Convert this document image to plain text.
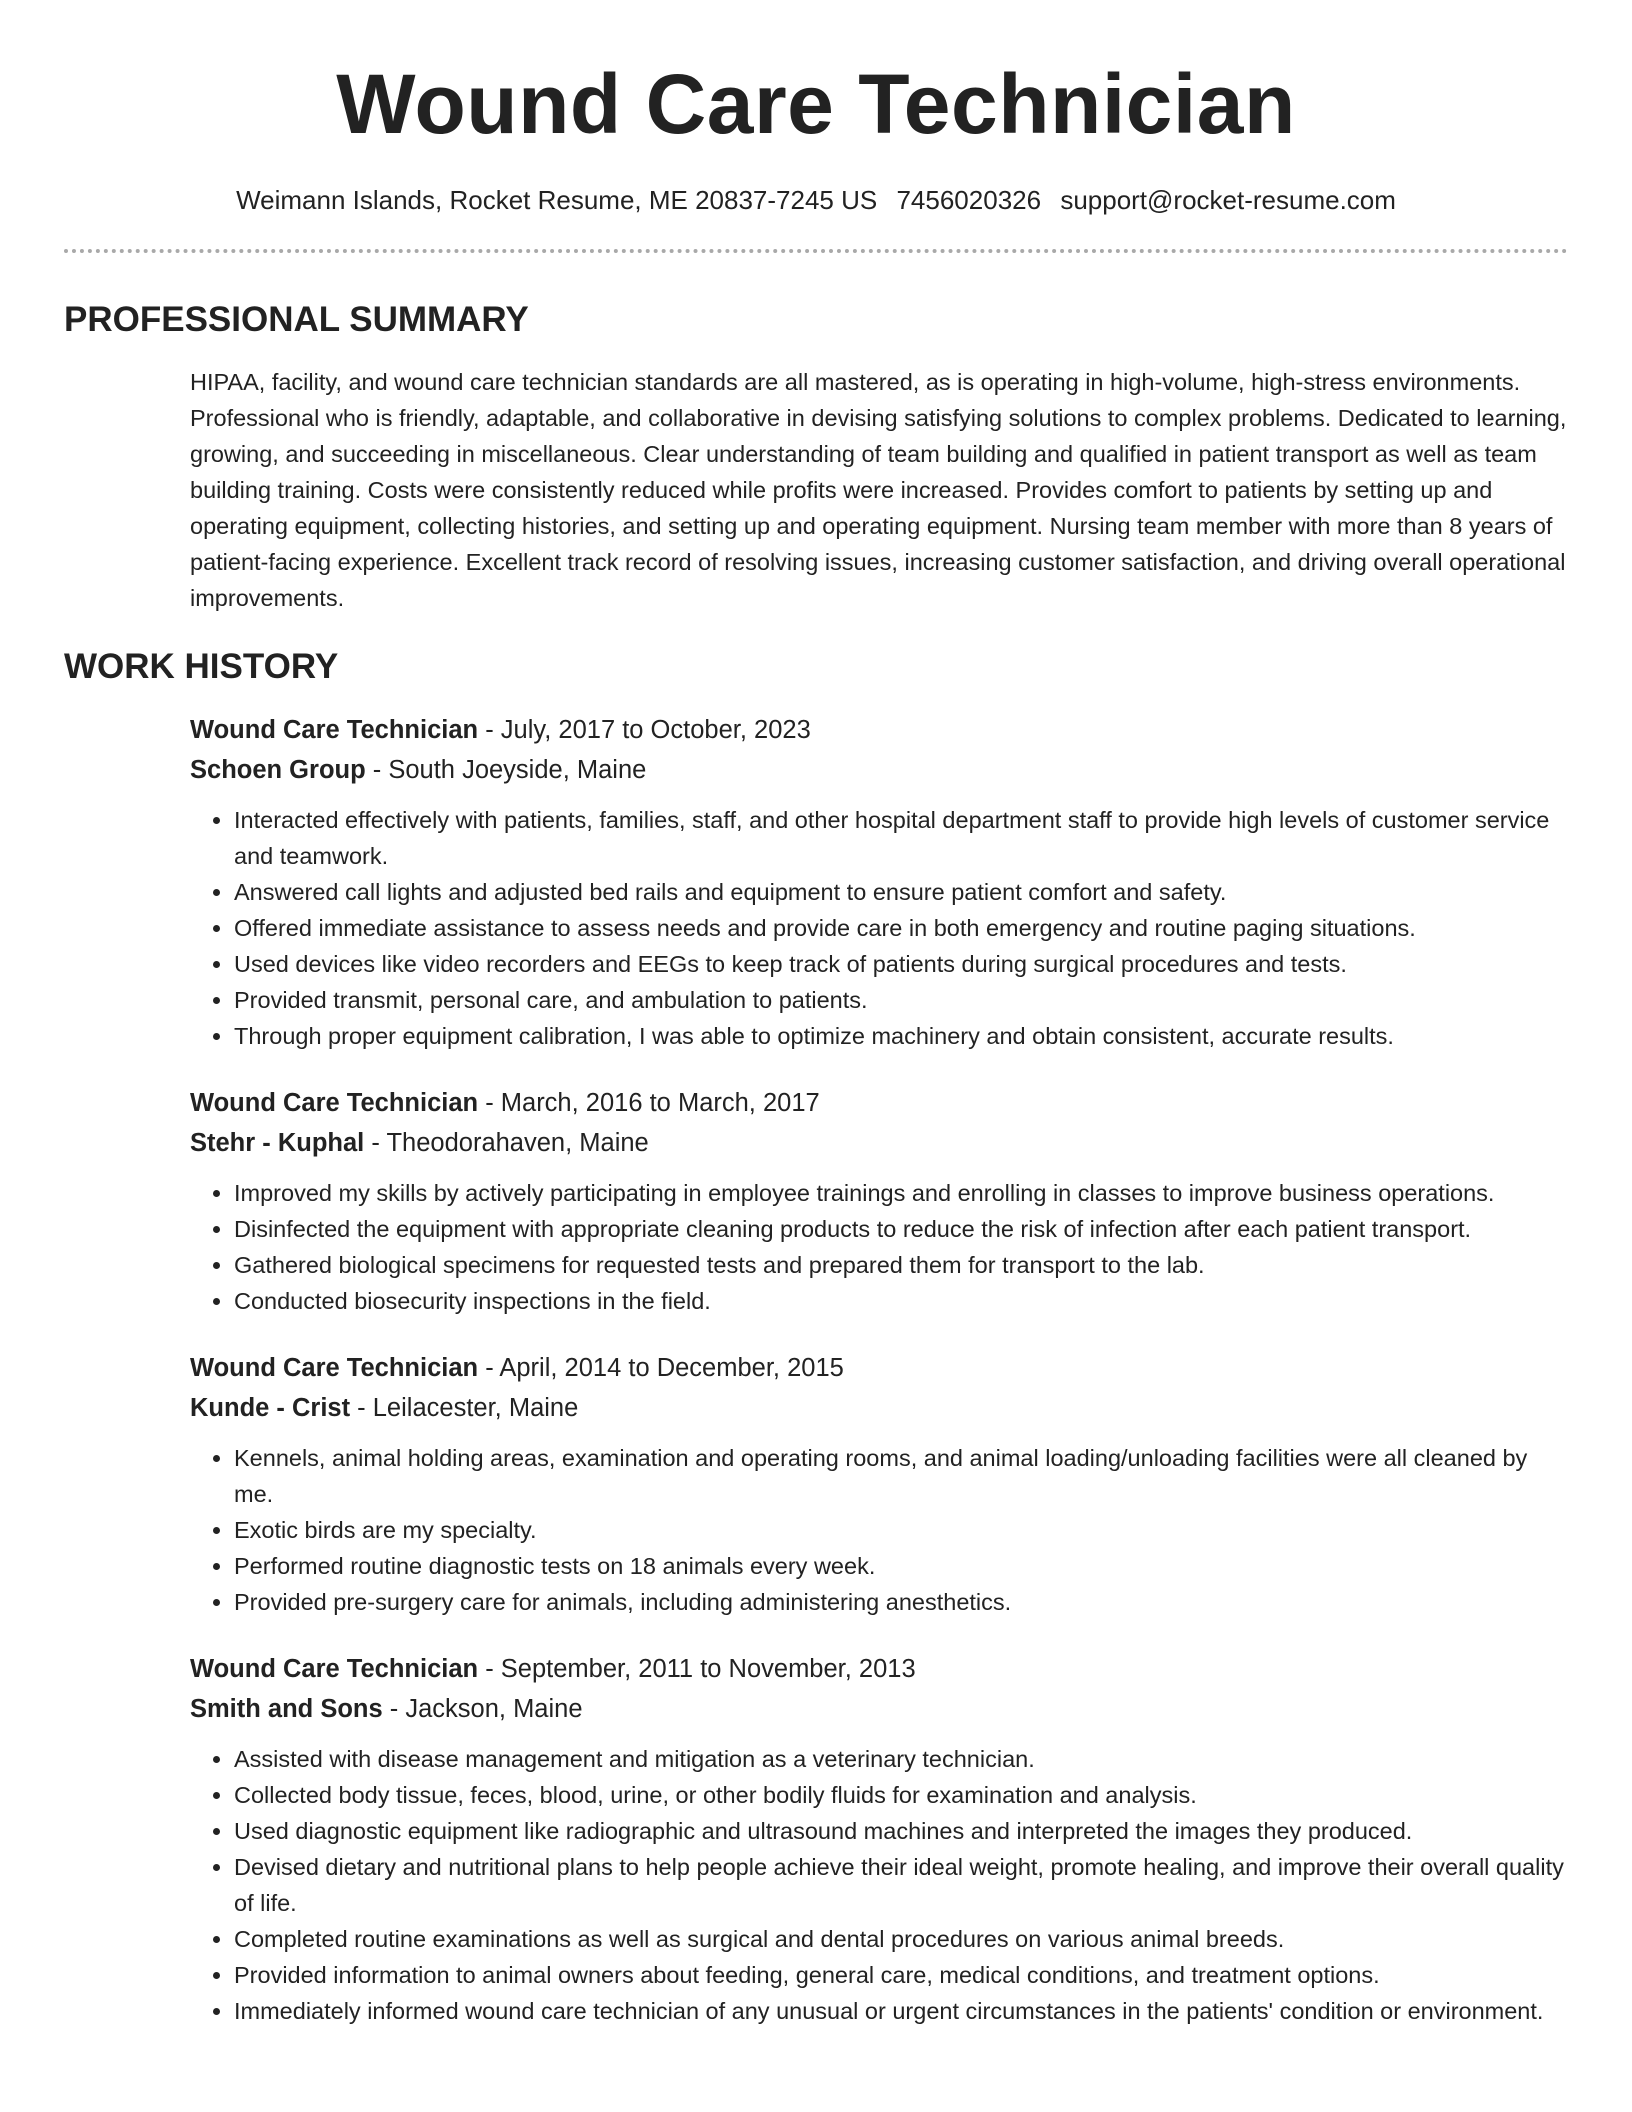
Wound Care Technician
Weimann Islands, Rocket Resume, ME 20837-7245 US 7456020326 support@rocket-resume.com
PROFESSIONAL SUMMARY

HIPAA, facility, and wound care technician standards are all mastered, as is operating in high-volume, high-stress environments. Professional who is friendly, adaptable, and collaborative in devising satisfying solutions to complex problems. Dedicated to learning, growing, and succeeding in miscellaneous. Clear understanding of team building and qualified in patient transport as well as team building training. Costs were consistently reduced while profits were increased. Provides comfort to patients by setting up and operating equipment, collecting histories, and setting up and operating equipment. Nursing team member with more than 8 years of patient-facing experience. Excellent track record of resolving issues, increasing customer satisfaction, and driving overall operational improvements.

WORK HISTORY
Wound Care Technician - July, 2017 to October, 2023
Schoen Group - South Joeyside, Maine
• Interacted effectively with patients, families, staff, and other hospital department staff to provide high levels of customer service and teamwork.
• Answered call lights and adjusted bed rails and equipment to ensure patient comfort and safety.
• Offered immediate assistance to assess needs and provide care in both emergency and routine paging situations.
• Used devices like video recorders and EEGs to keep track of patients during surgical procedures and tests.
• Provided transmit, personal care, and ambulation to patients.
• Through proper equipment calibration, I was able to optimize machinery and obtain consistent, accurate results.
Wound Care Technician - March, 2016 to March, 2017
Stehr - Kuphal - Theodorahaven, Maine
• Improved my skills by actively participating in employee trainings and enrolling in classes to improve business operations.
• Disinfected the equipment with appropriate cleaning products to reduce the risk of infection after each patient transport.
• Gathered biological specimens for requested tests and prepared them for transport to the lab.
• Conducted biosecurity inspections in the field.
Wound Care Technician - April, 2014 to December, 2015
Kunde - Crist - Leilacester, Maine
• Kennels, animal holding areas, examination and operating rooms, and animal loading/unloading facilities were all cleaned by me.
• Exotic birds are my specialty.
• Performed routine diagnostic tests on 18 animals every week.
• Provided pre-surgery care for animals, including administering anesthetics.
Wound Care Technician - September, 2011 to November, 2013
Smith and Sons - Jackson, Maine
• Assisted with disease management and mitigation as a veterinary technician.
• Collected body tissue, feces, blood, urine, or other bodily fluids for examination and analysis.
• Used diagnostic equipment like radiographic and ultrasound machines and interpreted the images they produced.
• Devised dietary and nutritional plans to help people achieve their ideal weight, promote healing, and improve their overall quality of life.
• Completed routine examinations as well as surgical and dental procedures on various animal breeds.
• Provided information to animal owners about feeding, general care, medical conditions, and treatment options.
• Immediately informed wound care technician of any unusual or urgent circumstances in the patients' condition or environment.
